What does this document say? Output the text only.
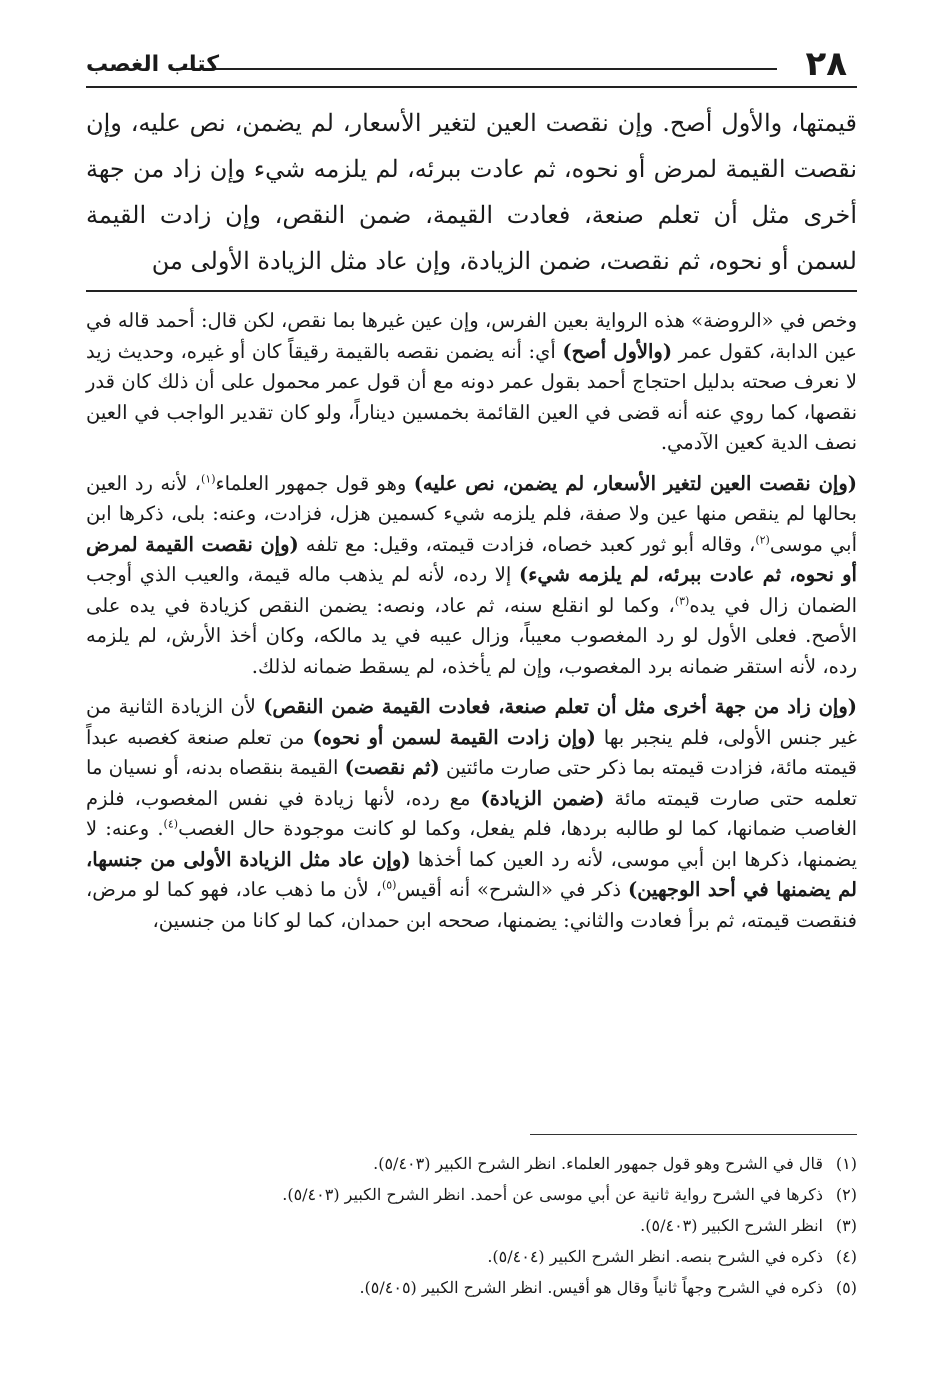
٢٨
كتاب الغصب

قيمتها، والأول أصح. وإن نقصت العين لتغير الأسعار، لم يضمن، نص عليه، وإن نقصت القيمة لمرض أو نحوه، ثم عادت ببرئه، لم يلزمه شيء وإن زاد من جهة أخرى مثل أن تعلم صنعة، فعادت القيمة، ضمن النقص، وإن زادت القيمة لسمن أو نحوه، ثم نقصت، ضمن الزيادة، وإن عاد مثل الزيادة الأولى من

وخص في «الروضة» هذه الرواية بعين الفرس، وإن عين غيرها بما نقص، لكن قال: أحمد قاله في عين الدابة، كقول عمر (والأول أصح) أي: أنه يضمن نقصه بالقيمة رقيقاً كان أو غيره، وحديث زيد لا نعرف صحته بدليل احتجاج أحمد بقول عمر دونه مع أن قول عمر محمول على أن ذلك كان قدر نقصها، كما روي عنه أنه قضى في العين القائمة بخمسين ديناراً، ولو كان تقدير الواجب في العين نصف الدية كعين الآدمي.

(وإن نقصت العين لتغير الأسعار، لم يضمن، نص عليه) وهو قول جمهور العلماء$^{(١)}$، لأنه رد العين بحالها لم ينقص منها عين ولا صفة، فلم يلزمه شيء كسمين هزل، فزادت، وعنه: بلى، ذكرها ابن أبي موسى$^{(٢)}$، وقاله أبو ثور كعبد خصاه، فزادت قيمته، وقيل: مع تلفه (وإن نقصت القيمة لمرض أو نحوه، ثم عادت ببرئه، لم يلزمه شيء) إلا رده، لأنه لم يذهب ماله قيمة، والعيب الذي أوجب الضمان زال في يده$^{(٣)}$، وكما لو انقلع سنه، ثم عاد، ونصه: يضمن النقص كزيادة في يده على الأصح. فعلى الأول لو رد المغصوب معيباً، وزال عيبه في يد مالكه، وكان أخذ الأرش، لم يلزمه رده، لأنه استقر ضمانه برد المغصوب، وإن لم يأخذه، لم يسقط ضمانه لذلك.

(وإن زاد من جهة أخرى مثل أن تعلم صنعة، فعادت القيمة ضمن النقص) لأن الزيادة الثانية من غير جنس الأولى، فلم ينجبر بها (وإن زادت القيمة لسمن أو نحوه) من تعلم صنعة كغصبه عبداً قيمته مائة، فزادت قيمته بما ذكر حتى صارت مائتين (ثم نقصت) القيمة بنقصاه بدنه، أو نسيان ما تعلمه حتى صارت قيمته مائة (ضمن الزيادة) مع رده، لأنها زيادة في نفس المغصوب، فلزم الغاصب ضمانها، كما لو طالبه بردها، فلم يفعل، وكما لو كانت موجودة حال الغصب$^{(٤)}$. وعنه: لا يضمنها، ذكرها ابن أبي موسى، لأنه رد العين كما أخذها (وإن عاد مثل الزيادة الأولى من جنسها، لم يضمنها في أحد الوجهين) ذكر في «الشرح» أنه أقيس$^{(٥)}$، لأن ما ذهب عاد، فهو كما لو مرض، فنقصت قيمته، ثم برأ فعادت والثاني: يضمنها، صححه ابن حمدان، كما لو كانا من جنسين،

(١)قال في الشرح وهو قول جمهور العلماء. انظر الشرح الكبير (٥/٤٠٣).

(٢)ذكرها في الشرح رواية ثانية عن أبي موسى عن أحمد. انظر الشرح الكبير (٥/٤٠٣).

(٣)انظر الشرح الكبير (٥/٤٠٣).

(٤)ذكره في الشرح بنصه. انظر الشرح الكبير (٥/٤٠٤).

(٥)ذكره في الشرح وجهاً ثانياً وقال هو أقيس. انظر الشرح الكبير (٥/٤٠٥).
